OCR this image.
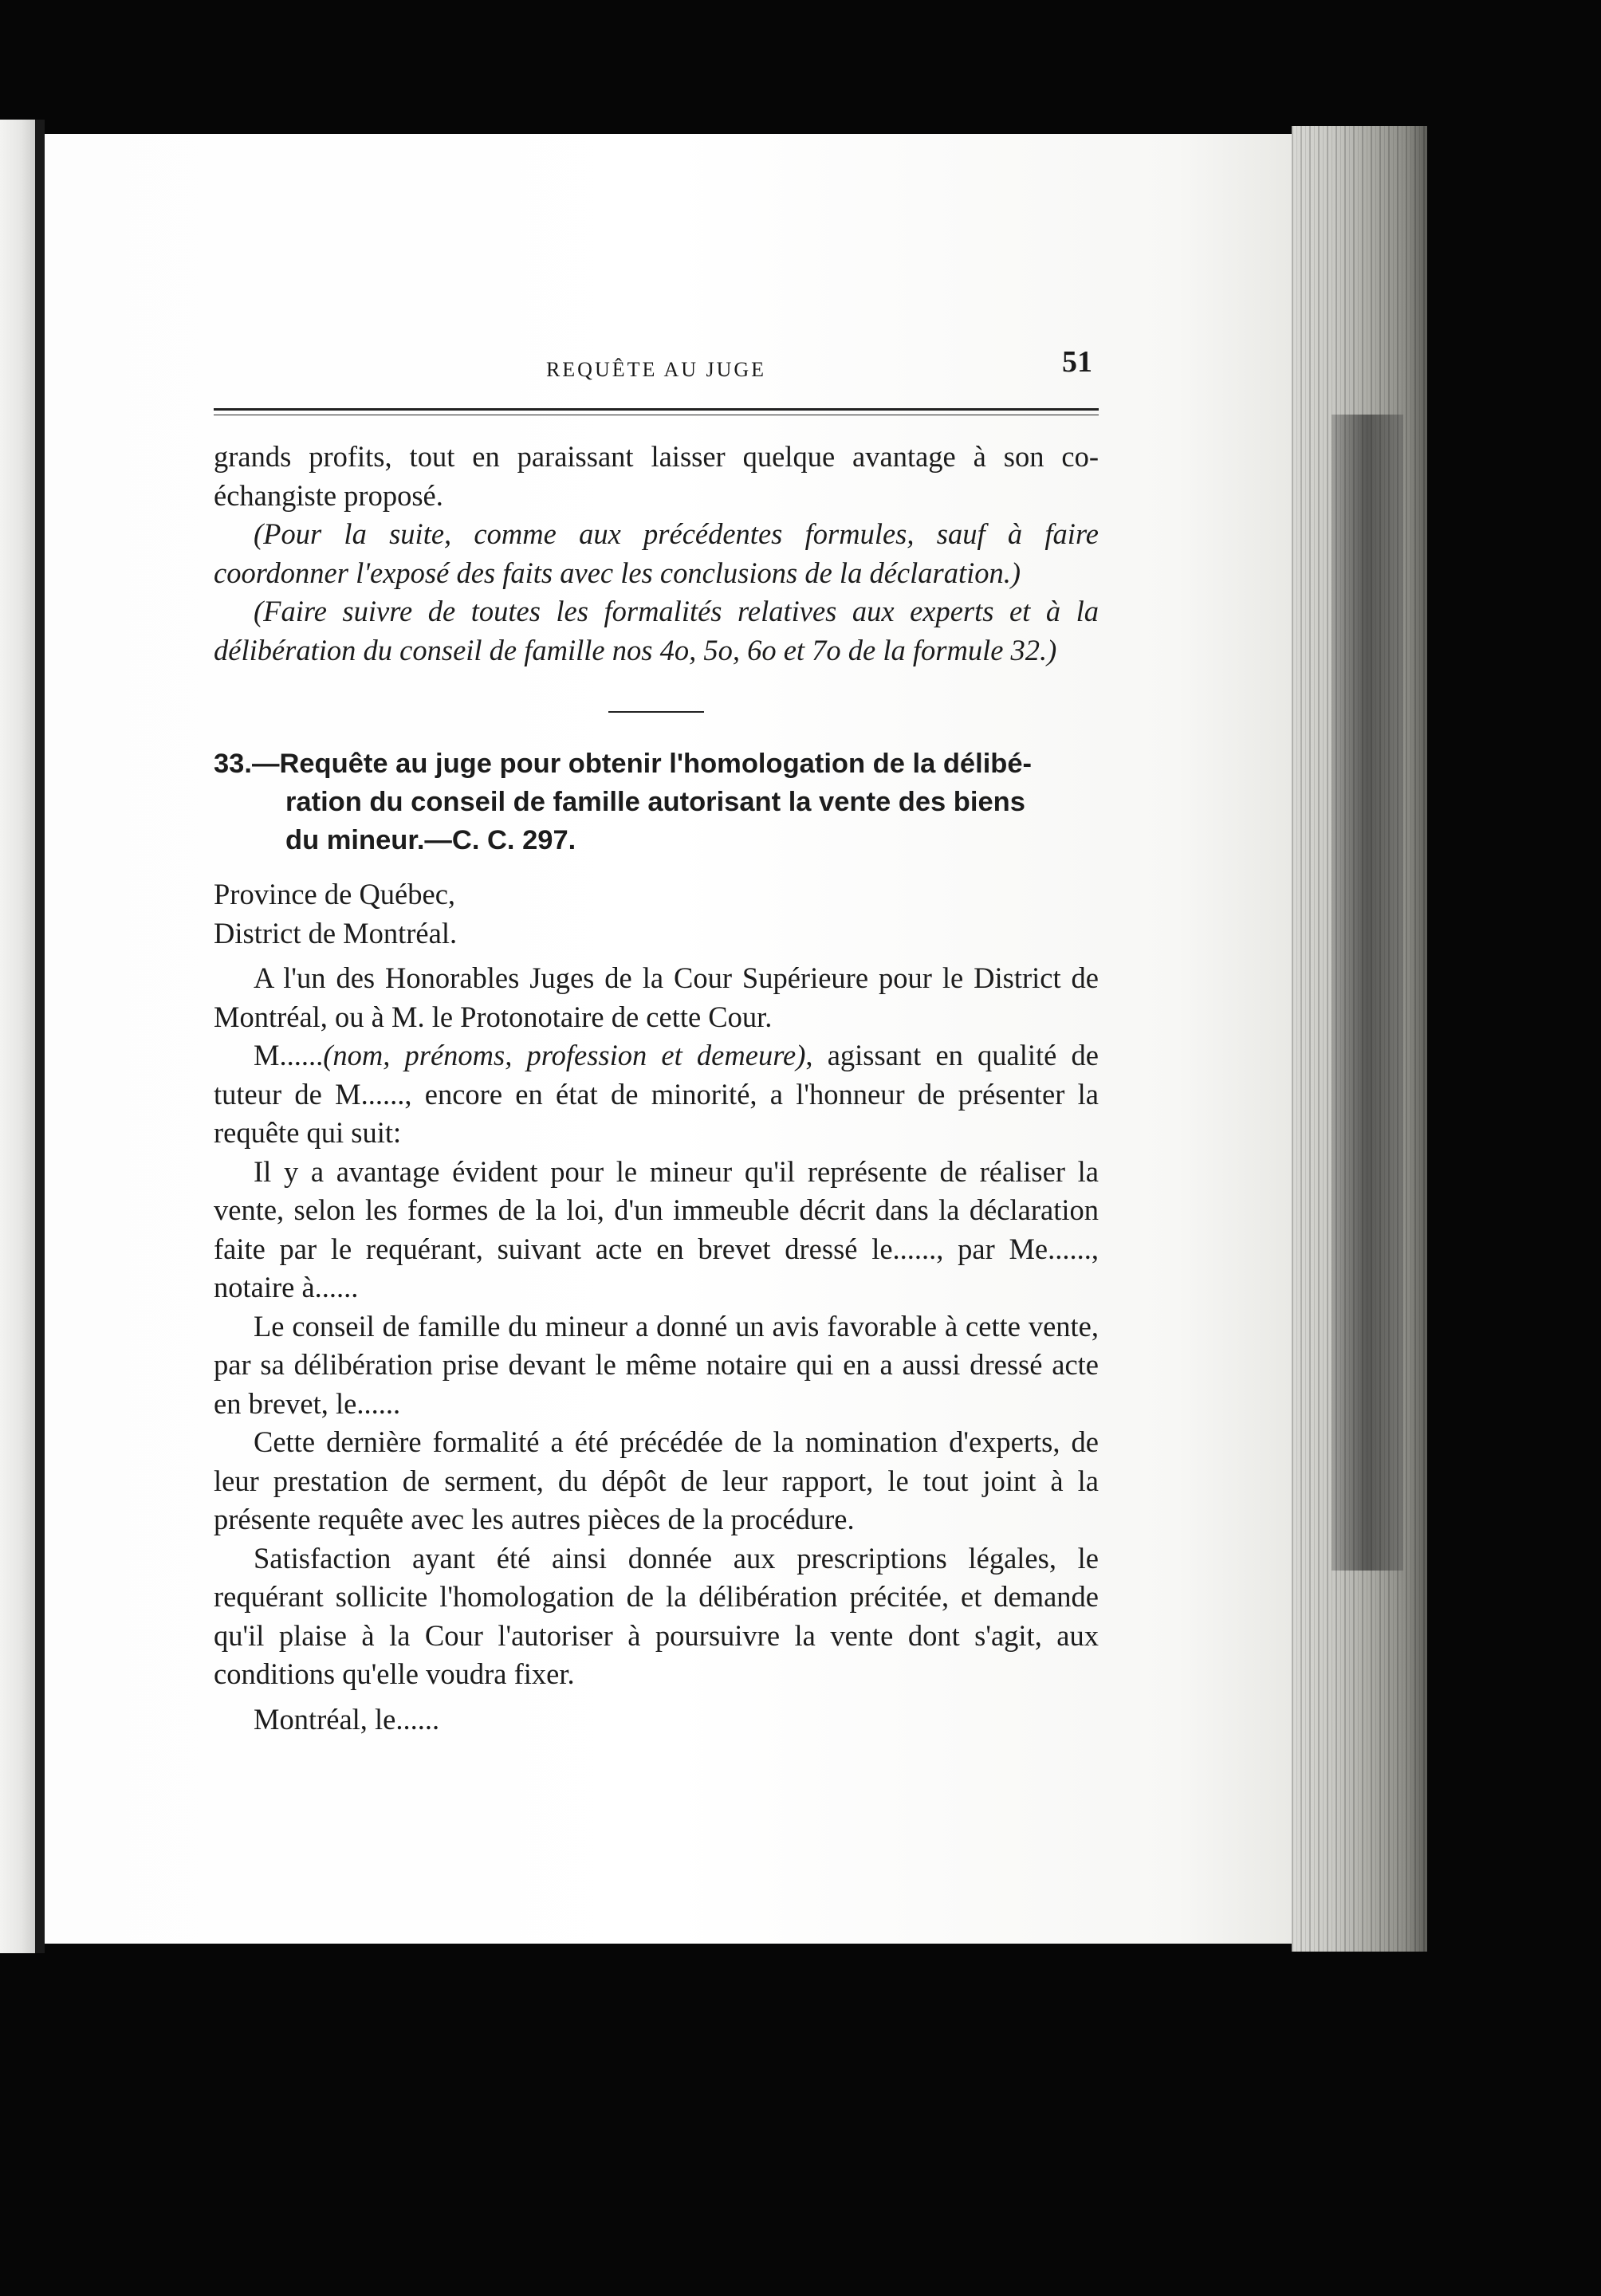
REQUÊTE AU JUGE	51

grands profits, tout en paraissant laisser quelque avantage à son co-échangiste proposé.

(Pour la suite, comme aux précédentes formules, sauf à faire coordonner l'exposé des faits avec les conclusions de la déclaration.)

(Faire suivre de toutes les formalités relatives aux experts et à la délibération du conseil de famille nos 4o, 5o, 6o et 7o de la formule 32.)

33.—Requête au juge pour obtenir l'homologation de la délibé-
ration du conseil de famille autorisant la vente des biens
du mineur.—C. C. 297.

Province de Québec,

District de Montréal.

A l'un des Honorables Juges de la Cour Supérieure pour le District de Montréal, ou à M. le Protonotaire de cette Cour.

M......(nom, prénoms, profession et demeure), agissant en qualité de tuteur de M......, encore en état de minorité, a l'honneur de présenter la requête qui suit:

Il y a avantage évident pour le mineur qu'il représente de réaliser la vente, selon les formes de la loi, d'un immeuble décrit dans la déclaration faite par le requérant, suivant acte en brevet dressé le......, par Me......, notaire à......

Le conseil de famille du mineur a donné un avis favorable à cette vente, par sa délibération prise devant le même notaire qui en a aussi dressé acte en brevet, le......

Cette dernière formalité a été précédée de la nomination d'experts, de leur prestation de serment, du dépôt de leur rapport, le tout joint à la présente requête avec les autres pièces de la procédure.

Satisfaction ayant été ainsi donnée aux prescriptions légales, le requérant sollicite l'homologation de la délibération précitée, et demande qu'il plaise à la Cour l'autoriser à poursuivre la vente dont s'agit, aux conditions qu'elle voudra fixer.

Montréal, le......
